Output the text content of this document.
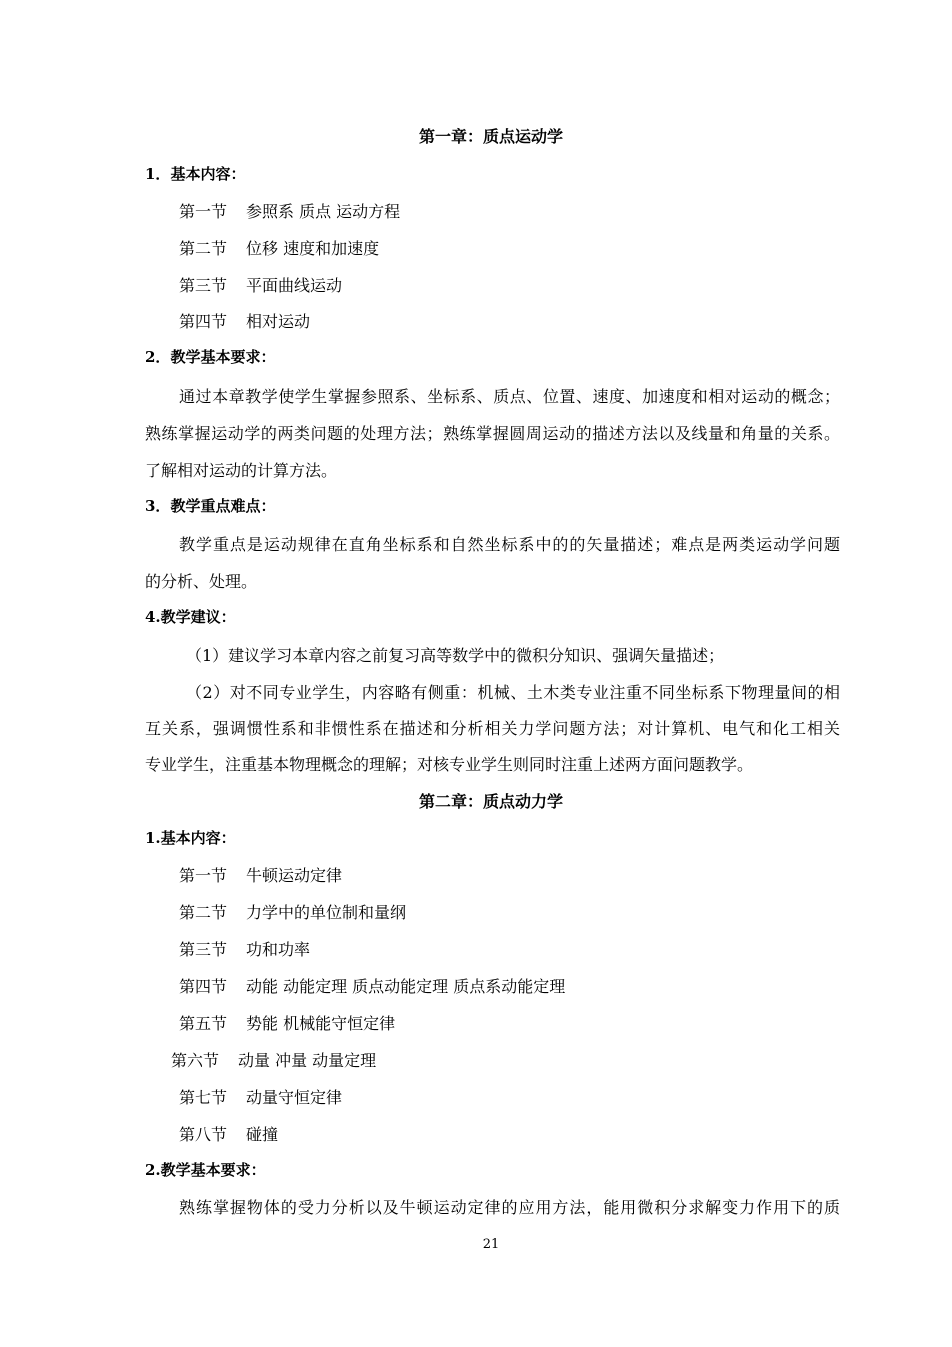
第一章：质点运动学
1．基本内容：
第一节 参照系 质点 运动方程
第二节 位移 速度和加速度
第三节 平面曲线运动
第四节 相对运动
2．教学基本要求：
通过本章教学使学生掌握参照系、坐标系、质点、位置、速度、加速度和相对运动的概念；
熟练掌握运动学的两类问题的处理方法；熟练掌握圆周运动的描述方法以及线量和角量的关系。
了解相对运动的计算方法。
3．教学重点难点：
教学重点是运动规律在直角坐标系和自然坐标系中的的矢量描述；难点是两类运动学问题
的分析、处理。
4.教学建议：
（1）建议学习本章内容之前复习高等数学中的微积分知识、强调矢量描述；
（2）对不同专业学生，内容略有侧重：机械、土木类专业注重不同坐标系下物理量间的相
互关系，强调惯性系和非惯性系在描述和分析相关力学问题方法；对计算机、电气和化工相关
专业学生，注重基本物理概念的理解；对核专业学生则同时注重上述两方面问题教学。
第二章：质点动力学
1.基本内容：
第一节 牛顿运动定律
第二节 力学中的单位制和量纲
第三节 功和功率
第四节 动能 动能定理 质点动能定理 质点系动能定理
第五节 势能 机械能守恒定律
第六节 动量 冲量 动量定理
第七节 动量守恒定律
第八节 碰撞
2.教学基本要求：
熟练掌握物体的受力分析以及牛顿运动定律的应用方法，能用微积分求解变力作用下的质
21
